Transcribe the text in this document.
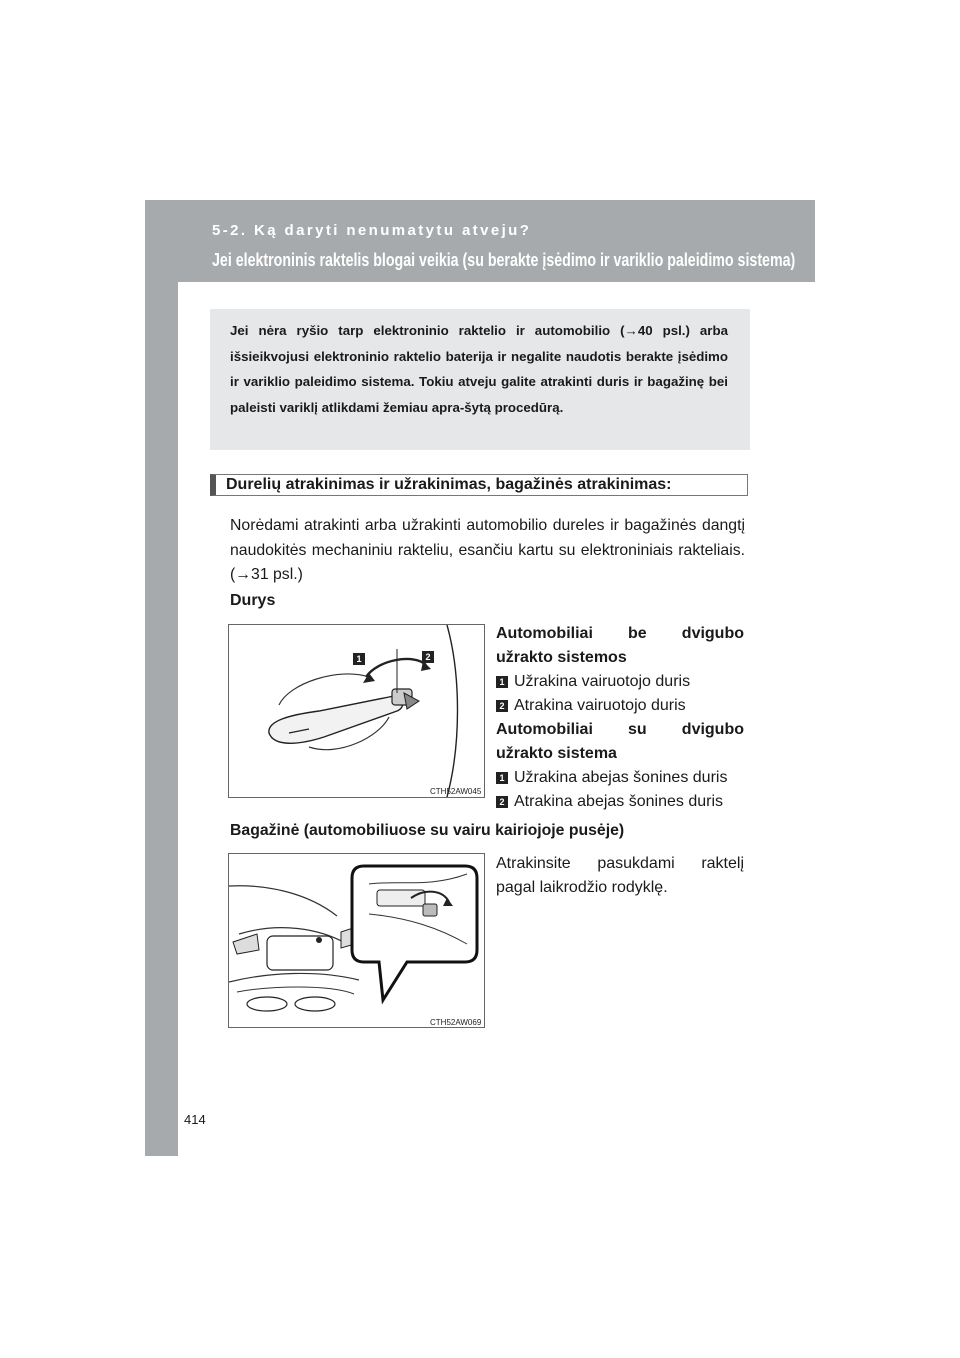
5-2. Ką daryti nenumatytu atveju?
Jei elektroninis raktelis blogai veikia (su berakte įsėdimo ir variklio paleidimo sistema)
Jei nėra ryšio tarp elektroninio raktelio ir automobilio (→40 psl.) arba išsieikvojusi elektroninio raktelio baterija ir negalite naudotis berakte įsėdimo ir variklio paleidimo sistema. Tokiu atveju galite atrakinti duris ir bagažinę bei paleisti variklį atlikdami žemiau apra-šytą procedūrą.
Durelių atrakinimas ir užrakinimas, bagažinės atrakinimas:
Norėdami atrakinti arba užrakinti automobilio dureles ir bagažinės dangtį naudokitės mechaniniu rakteliu, esančiu kartu su elektroniniais rakteliais. (→31 psl.)
Durys
1	2
CTH52AW045
Automobiliai be dvigubo
užrakto sistemos
1 Užrakina vairuotojo duris
2 Atrakina vairuotojo duris
Automobiliai su dvigubo
užrakto sistema
1 Užrakina abejas šonines duris
2 Atrakina abejas šonines duris
Bagažinė (automobiliuose su vairu kairiojoje pusėje)
CTH52AW069
Atrakinsite pasukdami raktelį
pagal laikrodžio rodyklę.
414
